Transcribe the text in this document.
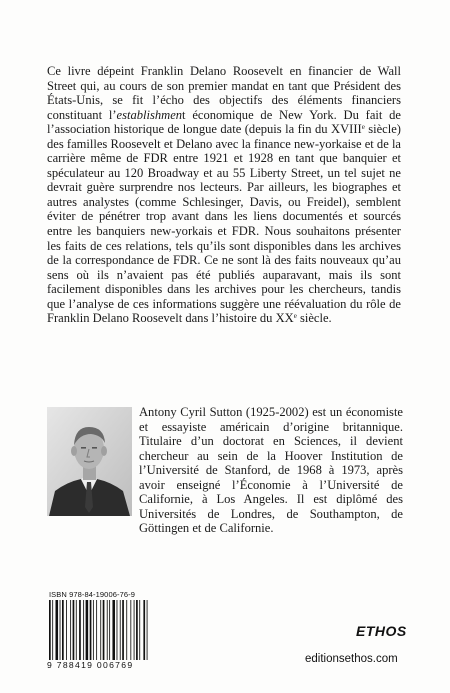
Ce livre dépeint Franklin Delano Roosevelt en financier de Wall Street qui, au cours de son premier mandat en tant que Président des États-Unis, se fit l’écho des objectifs des éléments financiers constituant l’establishment économique de New York. Du fait de l’association historique de longue date (depuis la fin du XVIIIe siècle) des familles Roosevelt et Delano avec la finance new-yorkaise et de la carrière même de FDR entre 1921 et 1928 en tant que banquier et spéculateur au 120 Broadway et au 55 Liberty Street, un tel sujet ne devrait guère surprendre nos lecteurs. Par ailleurs, les biographes et autres analystes (comme Schlesinger, Davis, ou Freidel), semblent éviter de pénétrer trop avant dans les liens documentés et sourcés entre les banquiers new-yorkais et FDR. Nous souhaitons présenter les faits de ces relations, tels qu’ils sont disponibles dans les archives de la correspondance de FDR. Ce ne sont là des faits nouveaux qu’au sens où ils n’avaient pas été publiés auparavant, mais ils sont facilement disponibles dans les archives pour les chercheurs, tandis que l’analyse de ces informations suggère une réévaluation du rôle de Franklin Delano Roosevelt dans l’histoire du XXe siècle.

Antony Cyril Sutton (1925-2002) est un économiste et essayiste américain d’origine britannique. Titulaire d’un doctorat en Sciences, il devient chercheur au sein de la Hoover Institution de l’Université de Stanford, de 1968 à 1973, après avoir enseigné l’Économie à l’Université de Californie, à Los Angeles. Il est diplômé des Universités de Londres, de Southampton, de Göttingen et de Californie.

ISBN 978-84-19006-76-9
9 788419 006769
ETHOS
editionsethos.com
